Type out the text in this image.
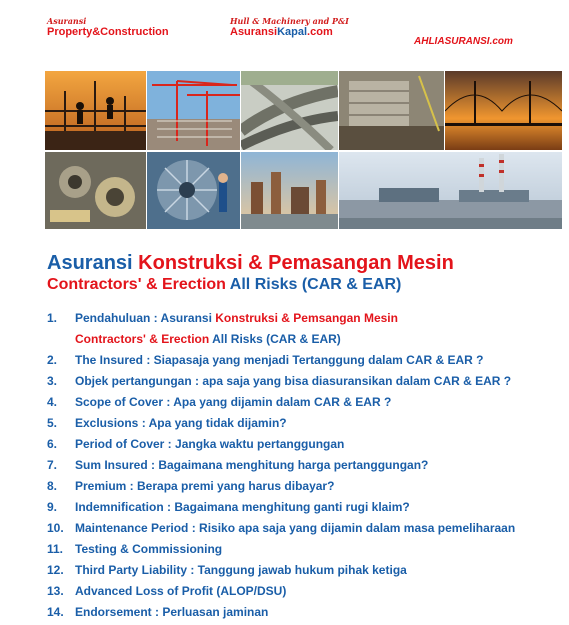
Asuransi
Property&Construction
Hull & Machinery and P&I
AsuransiKapal.com
AHLIASURANSI.com
Asuransi Konstruksi & Pemasangan Mesin
Contractors' & Erection All Risks (CAR & EAR)
1.	Pendahuluan : Asuransi Konstruksi & Pemsangan Mesin
Contractors' & Erection All Risks (CAR & EAR)
2.	The Insured : Siapasaja yang menjadi Tertanggung dalam CAR & EAR ?
3.	Objek pertangungan : apa saja yang bisa diasuransikan dalam CAR & EAR ?
4.	Scope of Cover : Apa yang dijamin dalam CAR & EAR ?
5.	Exclusions : Apa yang tidak dijamin?
6.	Period of Cover : Jangka waktu pertanggungan
7.	Sum Insured : Bagaimana menghitung harga pertanggungan?
8.	Premium : Berapa premi yang harus dibayar?
9.	Indemnification : Bagaimana menghitung ganti rugi klaim?
10. Maintenance Period : Risiko apa saja yang dijamin dalam masa pemeliharaan
11. Testing & Commissioning
12. Third Party Liability : Tanggung jawab hukum pihak ketiga
13. Advanced Loss of Profit (ALOP/DSU)
14. Endorsement : Perluasan jaminan
